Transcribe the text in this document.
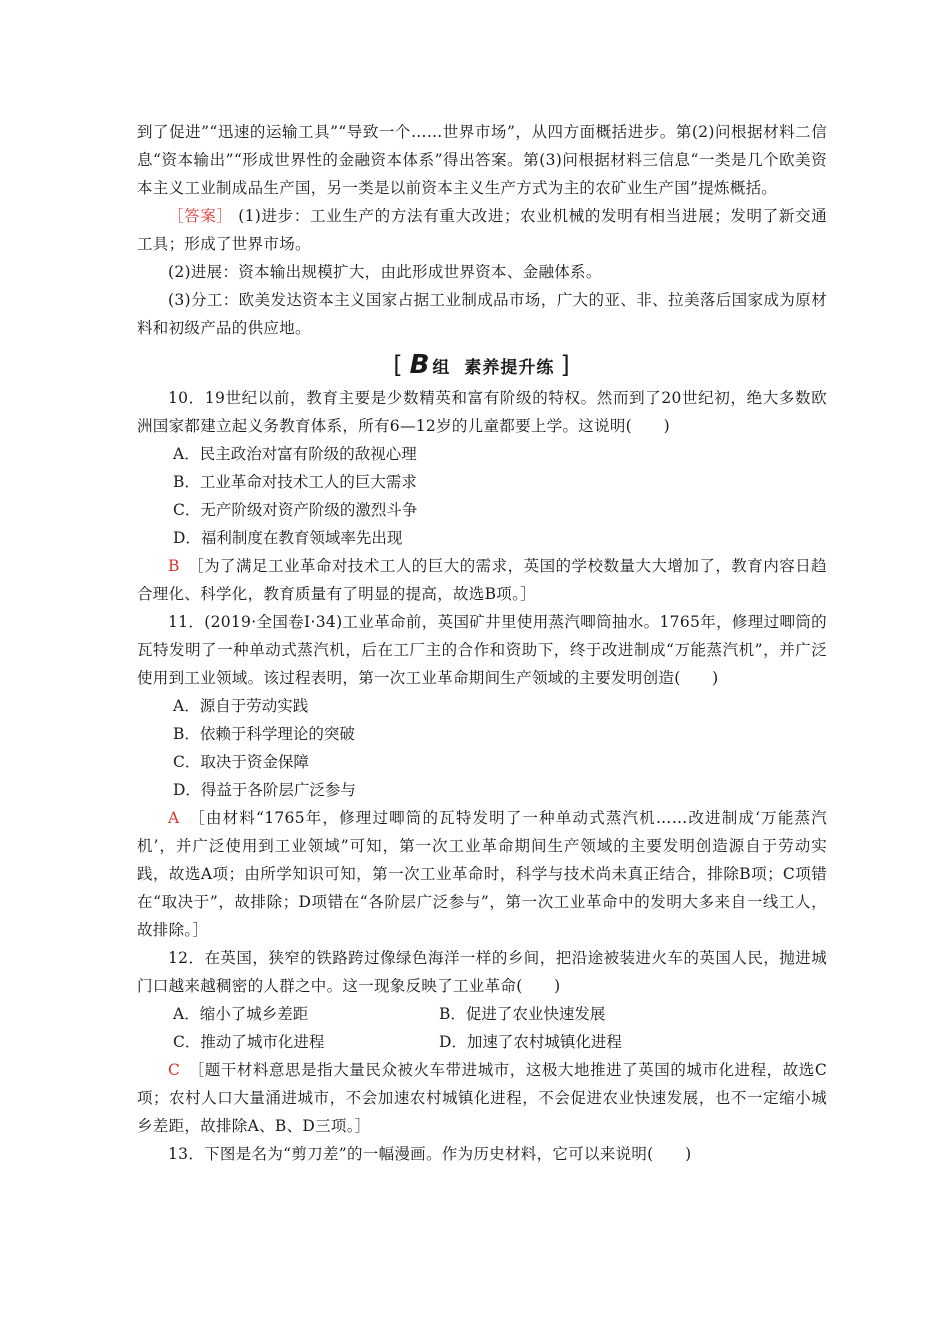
到了促进”“迅速的运输工具”“导致一个……世界市场”，从四方面概括进步。第(2)问根据材料二信息“资本输出”“形成世界性的金融资本体系”得出答案。第(3)问根据材料三信息“一类是几个欧美资本主义工业制成品生产国，另一类是以前资本主义生产方式为主的农矿业生产国”提炼概括。

［答案］ (1)进步：工业生产的方法有重大改进；农业机械的发明有相当进展；发明了新交通工具；形成了世界市场。

(2)进展：资本输出规模扩大，由此形成世界资本、金融体系。

(3)分工：欧美发达资本主义国家占据工业制成品市场，广大的亚、非、拉美落后国家成为原材料和初级产品的供应地。

[ B 组 素养提升练 ]

10．19世纪以前，教育主要是少数精英和富有阶级的特权。然而到了20世纪初，绝大多数欧洲国家都建立起义务教育体系，所有6—12岁的儿童都要上学。这说明(　　)

A．民主政治对富有阶级的敌视心理

B．工业革命对技术工人的巨大需求

C．无产阶级对资产阶级的激烈斗争

D．福利制度在教育领域率先出现

B　 ［为了满足工业革命对技术工人的巨大的需求，英国的学校数量大大增加了，教育内容日趋合理化、科学化，教育质量有了明显的提高，故选B项。］

11．(2019·全国卷Ⅰ·34)工业革命前，英国矿井里使用蒸汽唧筒抽水。1765年，修理过唧筒的瓦特发明了一种单动式蒸汽机，后在工厂主的合作和资助下，终于改进制成“万能蒸汽机”，并广泛使用到工业领域。该过程表明，第一次工业革命期间生产领域的主要发明创造(　　)

A．源自于劳动实践

B．依赖于科学理论的突破

C．取决于资金保障

D．得益于各阶层广泛参与

A　 ［由材料“1765年，修理过唧筒的瓦特发明了一种单动式蒸汽机……改进制成‘万能蒸汽机’，并广泛使用到工业领域”可知，第一次工业革命期间生产领域的主要发明创造源自于劳动实践，故选A项；由所学知识可知，第一次工业革命时，科学与技术尚未真正结合，排除B项；C项错在“取决于”，故排除；D项错在“各阶层广泛参与”，第一次工业革命中的发明大多来自一线工人，故排除。］

12．在英国，狭窄的铁路跨过像绿色海洋一样的乡间，把沿途被装进火车的英国人民，抛进城门口越来越稠密的人群之中。这一现象反映了工业革命(　　)

A．缩小了城乡差距	B．促进了农业快速发展
C．推动了城市化进程	D．加速了农村城镇化进程

C　 ［题干材料意思是指大量民众被火车带进城市，这极大地推进了英国的城市化进程，故选C项；农村人口大量涌进城市，不会加速农村城镇化进程，不会促进农业快速发展，也不一定缩小城乡差距，故排除A、B、D三项。］

13．下图是名为“剪刀差”的一幅漫画。作为历史材料，它可以来说明(　　)
